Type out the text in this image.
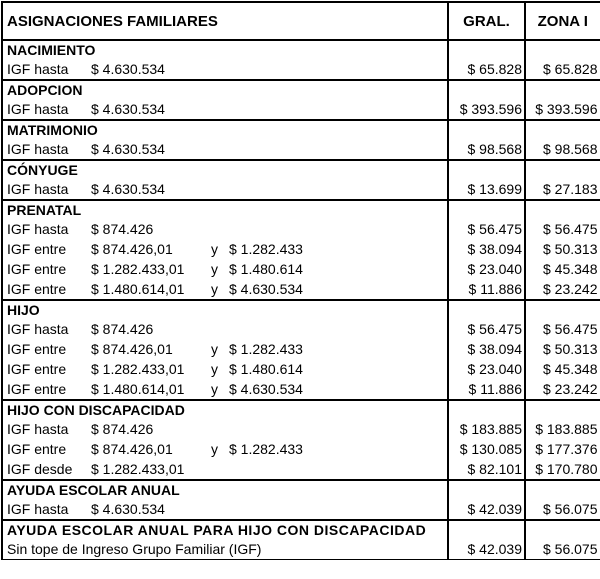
ASIGNACIONES FAMILIARES	GRAL.	ZONA I

NACIMIENTO		

IGF hasta $ 4.630.534	$ 65.828	$ 65.828

ADOPCION		

IGF hasta $ 4.630.534	$ 393.596	$ 393.596

MATRIMONIO		

IGF hasta $ 4.630.534	$ 98.568	$ 98.568

CÓNYUGE		

IGF hasta $ 4.630.534	$ 13.699	$ 27.183

PRENATAL		

IGF hasta $ 874.426	$ 56.475	$ 56.475

IGF entre $ 874.426,01 y $ 1.282.433	$ 38.094	$ 50.313

IGF entre $ 1.282.433,01 y $ 1.480.614	$ 23.040	$ 45.348

IGF entre $ 1.480.614,01 y $ 4.630.534	$ 11.886	$ 23.242

HIJO		

IGF hasta $ 874.426	$ 56.475	$ 56.475

IGF entre $ 874.426,01 y $ 1.282.433	$ 38.094	$ 50.313

IGF entre $ 1.282.433,01 y $ 1.480.614	$ 23.040	$ 45.348

IGF entre $ 1.480.614,01 y $ 4.630.534	$ 11.886	$ 23.242

HIJO CON DISCAPACIDAD		

IGF hasta $ 874.426	$ 183.885	$ 183.885

IGF entre $ 874.426,01 y $ 1.282.433	$ 130.085	$ 177.376

IGF desde $ 1.282.433,01	$ 82.101	$ 170.780

AYUDA ESCOLAR ANUAL		

IGF hasta $ 4.630.534	$ 42.039	$ 56.075

AYUDA ESCOLAR ANUAL PARA HIJO CON DISCAPACIDAD		

Sin tope de Ingreso Grupo Familiar (IGF)	$ 42.039	$ 56.075
